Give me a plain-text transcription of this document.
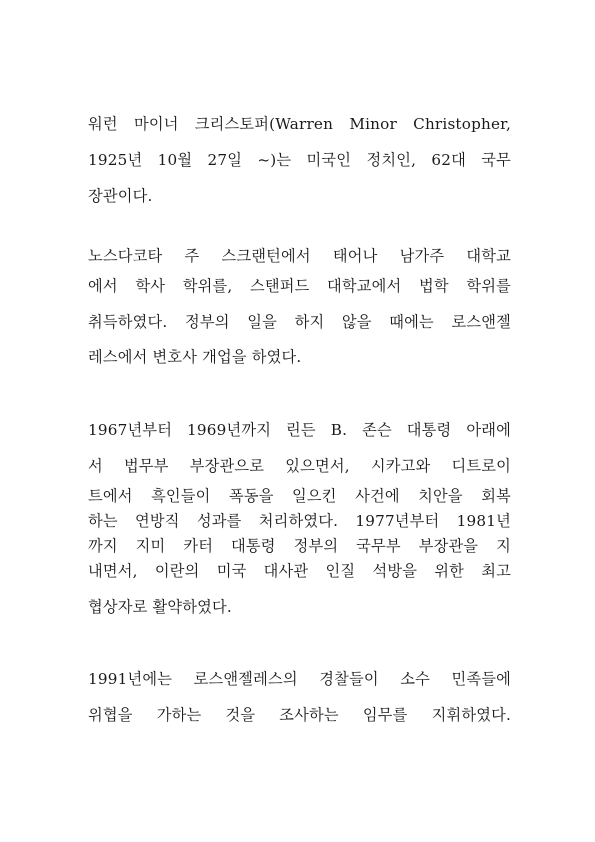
워런 마이너 크리스토퍼(Warren Minor Christopher,
1925년 10월 27일 ~)는 미국인 정치인, 62대 국무
장관이다.
노스다코타 주 스크랜턴에서 태어나 남가주 대학교
에서 학사 학위를, 스탠퍼드 대학교에서 법학 학위를
취득하였다. 정부의 일을 하지 않을 때에는 로스앤젤
레스에서 변호사 개업을 하였다.
1967년부터 1969년까지 린든 B. 존슨 대통령 아래에
서 법무부 부장관으로 있으면서, 시카고와 디트로이
트에서 흑인들이 폭동을 일으킨 사건에 치안을 회복
하는 연방직 성과를 처리하였다. 1977년부터 1981년
까지 지미 카터 대통령 정부의 국무부 부장관을 지
내면서, 이란의 미국 대사관 인질 석방을 위한 최고
협상자로 활약하였다.
1991년에는 로스앤젤레스의 경찰들이 소수 민족들에
위협을 가하는 것을 조사하는 임무를 지휘하였다.
